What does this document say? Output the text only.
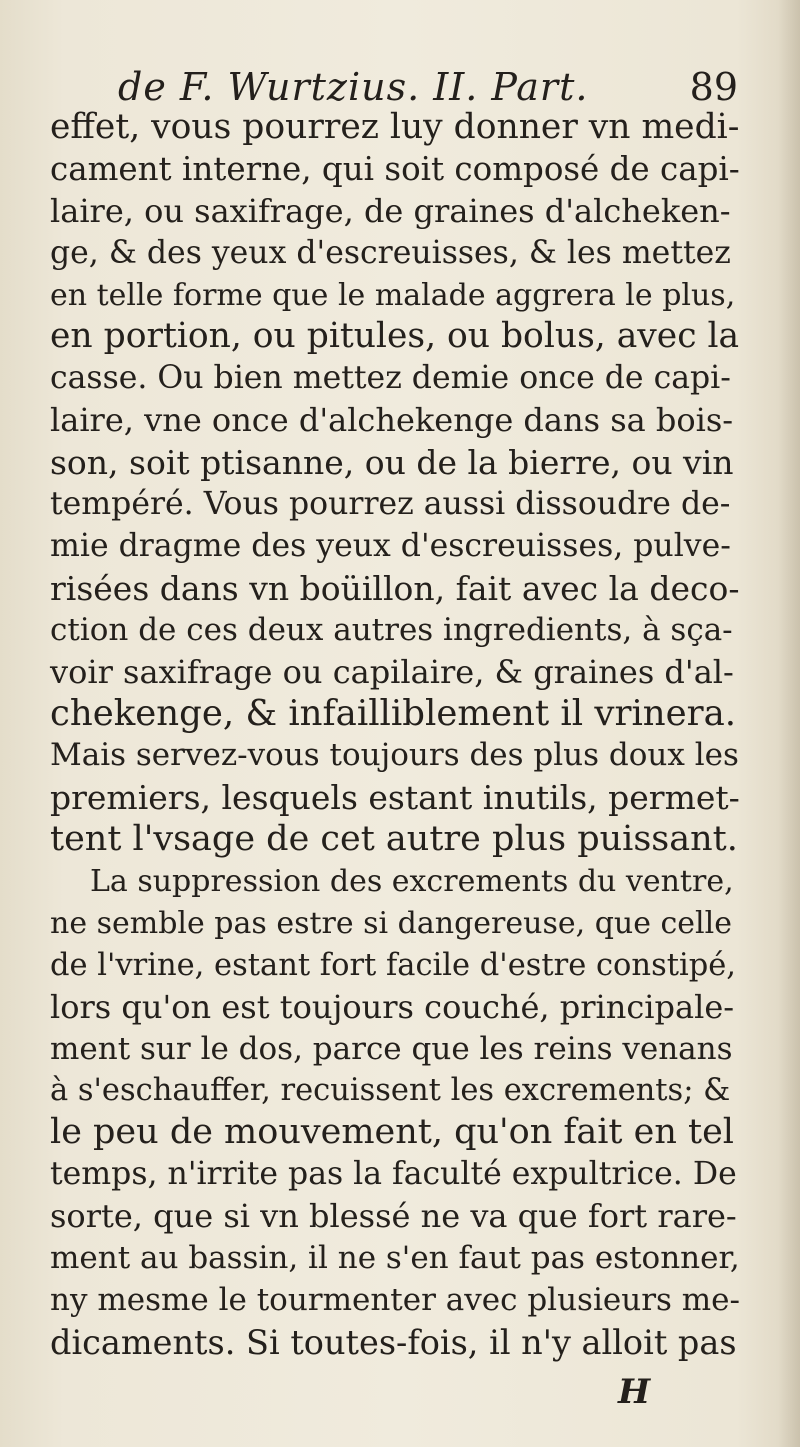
de F. Wurtzius. II. Part.	89
effet, vous pourrez luy donner vn medi-
cament interne, qui soit composé de capi-
laire, ou saxifrage, de graines d'alcheken-
ge, & des yeux d'escreuisses, & les mettez
en telle forme que le malade aggrera le plus,
en portion, ou pitules, ou bolus, avec la
casse. Ou bien mettez demie once de capi-
laire, vne once d'alchekenge dans sa bois-
son, soit ptisanne, ou de la bierre, ou vin
tempéré. Vous pourrez aussi dissoudre de-
mie dragme des yeux d'escreuisses, pulve-
risées dans vn boüillon, fait avec la deco-
ction de ces deux autres ingredients, à sça-
voir saxifrage ou capilaire, & graines d'al-
chekenge, & infailliblement il vrinera.
Mais servez-vous toujours des plus doux les
premiers, lesquels estant inutils, permet-
tent l'vsage de cet autre plus puissant.
La suppression des excrements du ventre,
ne semble pas estre si dangereuse, que celle
de l'vrine, estant fort facile d'estre constipé,
lors qu'on est toujours couché, principale-
ment sur le dos, parce que les reins venans
à s'eschauffer, recuissent les excrements; &
le peu de mouvement, qu'on fait en tel
temps, n'irrite pas la faculté expultrice. De
sorte, que si vn blessé ne va que fort rare-
ment au bassin, il ne s'en faut pas estonner,
ny mesme le tourmenter avec plusieurs me-
dicaments. Si toutes-fois, il n'y alloit pas
H
